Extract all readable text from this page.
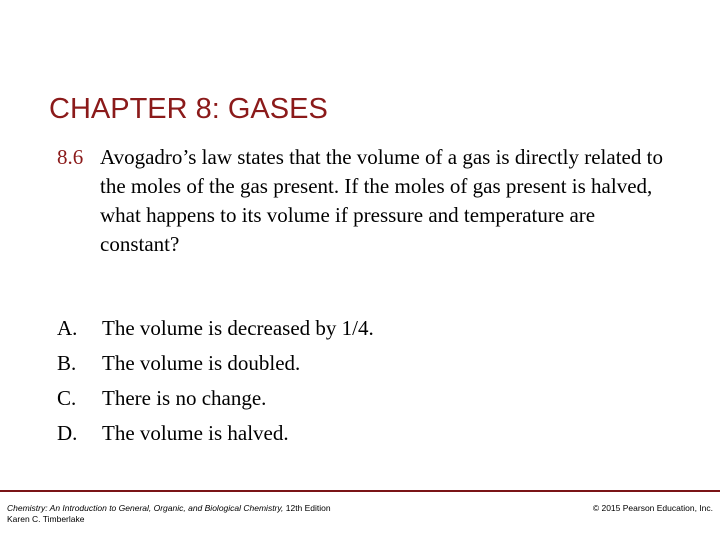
CHAPTER 8: GASES
8.6 Avogadro’s law states that the volume of a gas is directly related to the moles of the gas present. If the moles of gas present is halved, what happens to its volume if pressure and temperature are constant?
A. The volume is decreased by 1/4.
B. The volume is doubled.
C. There is no change.
D. The volume is halved.
Chemistry: An Introduction to General, Organic, and Biological Chemistry, 12th Edition
Karen C. Timberlake
© 2015 Pearson Education, Inc.
